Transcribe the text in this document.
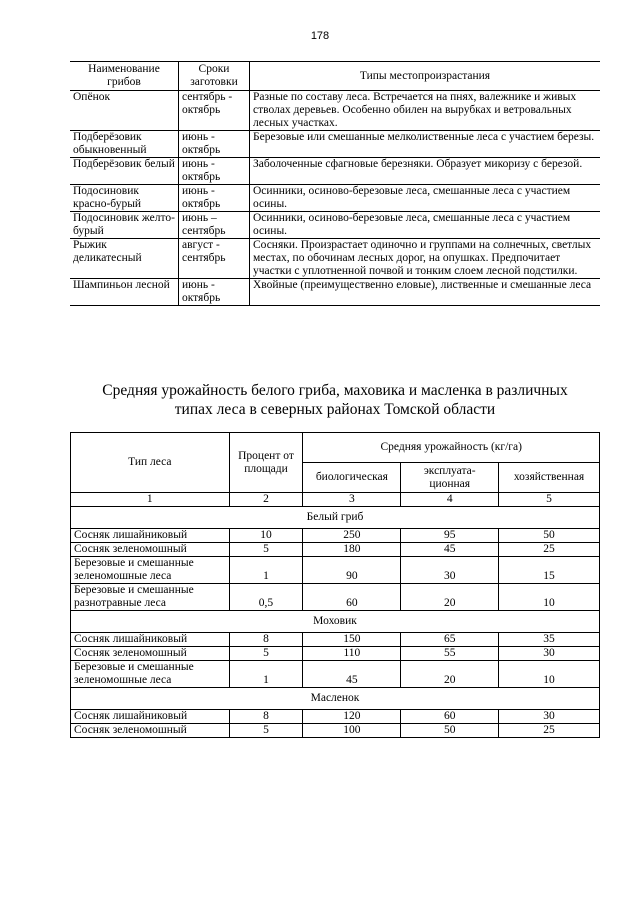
178
Наименование грибов	Сроки заготовки	Типы местопроизрастания
Опёнок	сентябрь - октябрь	Разные по составу леса. Встречается на пнях, валежнике и живых стволах деревьев. Особенно обилен на вырубках и ветровальных лесных участках.
Подберёзовик обыкновенный	июнь - октябрь	Березовые или смешанные мелколиственные леса с участием березы.
Подберёзовик белый	июнь - октябрь	Заболоченные сфагновые березняки. Образует микоризу с березой.
Подосиновик красно-бурый	июнь - октябрь	Осинники, осиново-березовые леса, смешанные леса с участием осины.
Подосиновик желто-бурый	июнь – сентябрь	Осинники, осиново-березовые леса, смешанные леса с участием осины.
Рыжик деликатесный	август - сентябрь	Сосняки. Произрастает одиночно и группами на солнечных, светлых местах, по обочинам лесных дорог, на опушках. Предпочитает участки с уплотненной почвой и тонким слоем лесной подстилки.
Шампиньон лесной	июнь - октябрь	Хвойные (преимущественно еловые), лиственные и смешанные леса
Средняя урожайность белого гриба, маховика и масленка в различных
типах леса в северных районах Томской области
Тип леса	Процент от площади	Средняя урожайность (кг/га)		
		биологическая	эксплуата- ционная	хозяйственная
1	2	3	4	5
Белый гриб				
Сосняк лишайниковый	10	250	95	50
Сосняк зеленомошный	5	180	45	25
Березовые и смешанные зеленомошные леса	1	90	30	15
Березовые и смешанные разнотравные леса	0,5	60	20	10
Моховик				
Сосняк лишайниковый	8	150	65	35
Сосняк зеленомошный	5	110	55	30
Березовые и смешанные зеленомошные леса	1	45	20	10
Масленок				
Сосняк лишайниковый	8	120	60	30
Сосняк зеленомошный	5	100	50	25
